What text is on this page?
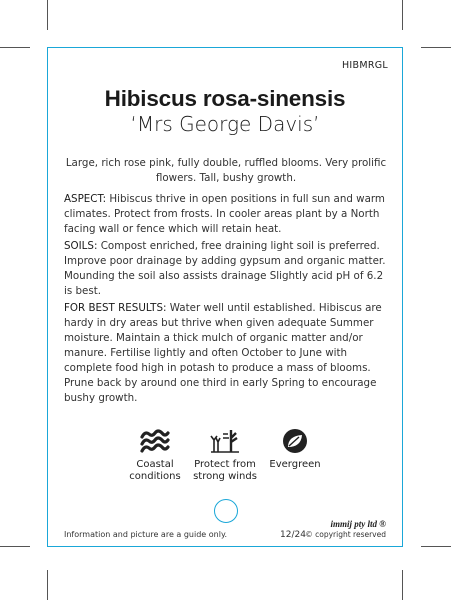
HIBMRGL
Hibiscus rosa-sinensis
‘Mrs George Davis’
Large, rich rose pink, fully double, ruffled blooms. Very prolific flowers. Tall, bushy growth.
ASPECT: Hibiscus thrive in open positions in full sun and warm climates. Protect from frosts. In cooler areas plant by a North facing wall or fence which will retain heat.
SOILS: Compost enriched, free draining light soil is preferred. Improve poor drainage by adding gypsum and organic matter. Mounding the soil also assists drainage Slightly acid pH of 6.2 is best.
FOR BEST RESULTS: Water well until established. Hibiscus are hardy in dry areas but thrive when given adequate Summer moisture. Maintain a thick mulch of organic matter and/or manure. Fertilise lightly and often October to June with complete food high in potash to produce a mass of blooms. Prune back by around one third in early Spring to encourage bushy growth.
Coastal conditions
Protect from strong winds
Evergreen
Information and picture are a guide only.	12/24
immij pty ltd ®
© copyright reserved
